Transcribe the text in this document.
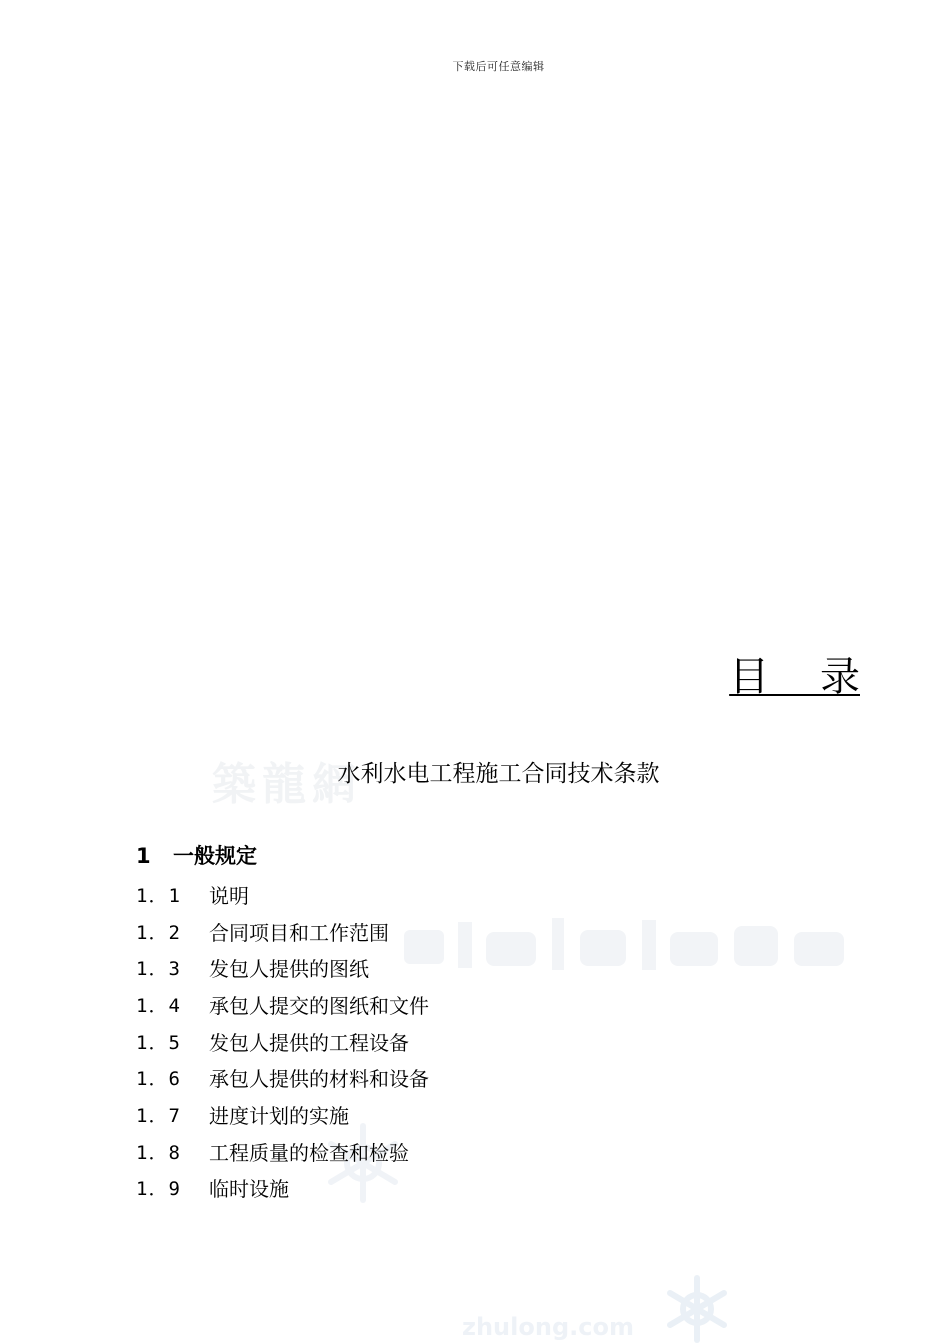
下载后可任意编辑
築龍網
zhulong.com
目    录
水利水电工程施工合同技术条款
1	一般规定
1．1	说明
1．2	合同项目和工作范围
1．3	发包人提供的图纸
1．4	承包人提交的图纸和文件
1．5	发包人提供的工程设备
1．6	承包人提供的材料和设备
1．7	进度计划的实施
1．8	工程质量的检查和检验
1．9	临时设施
